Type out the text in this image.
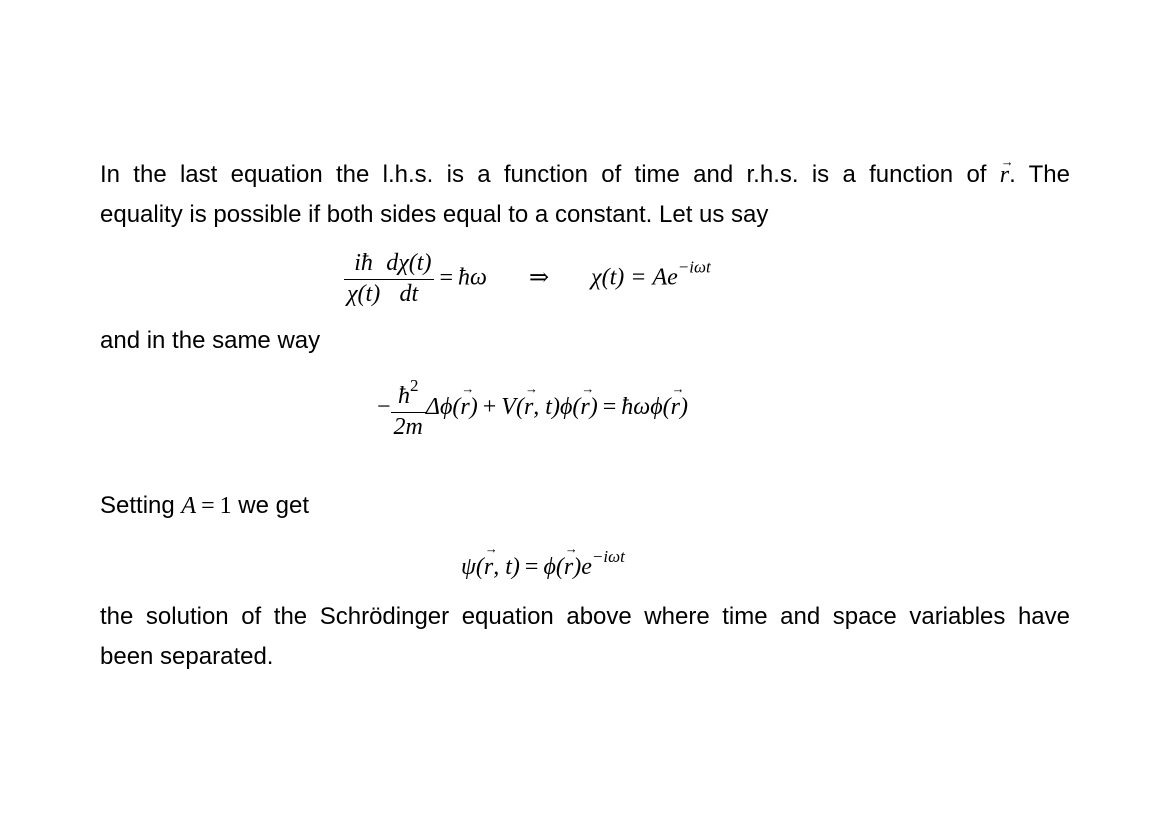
In the last equation the l.h.s. is a function of time and r.h.s. is a function of r →. The
equality is possible if both sides equal to a constant. Let us say
$\frac{iħ}{\chi(t)} \frac{d\chi(t)}{dt}$ = ħω ⇒ $\chi(t) = Ae^{-i\omega t}$
and in the same way
− $\frac{ħ^2}{2m} \Delta\phi(r$ →) + V(r →, t)ϕ(r →) = ħωϕ(r →)
Setting A = 1 we get
ψ(r →, $t) = \phi(r \to)e^{-i\omega t}$
the solution of the Schrödinger equation above where time and space variables have
been separated.
